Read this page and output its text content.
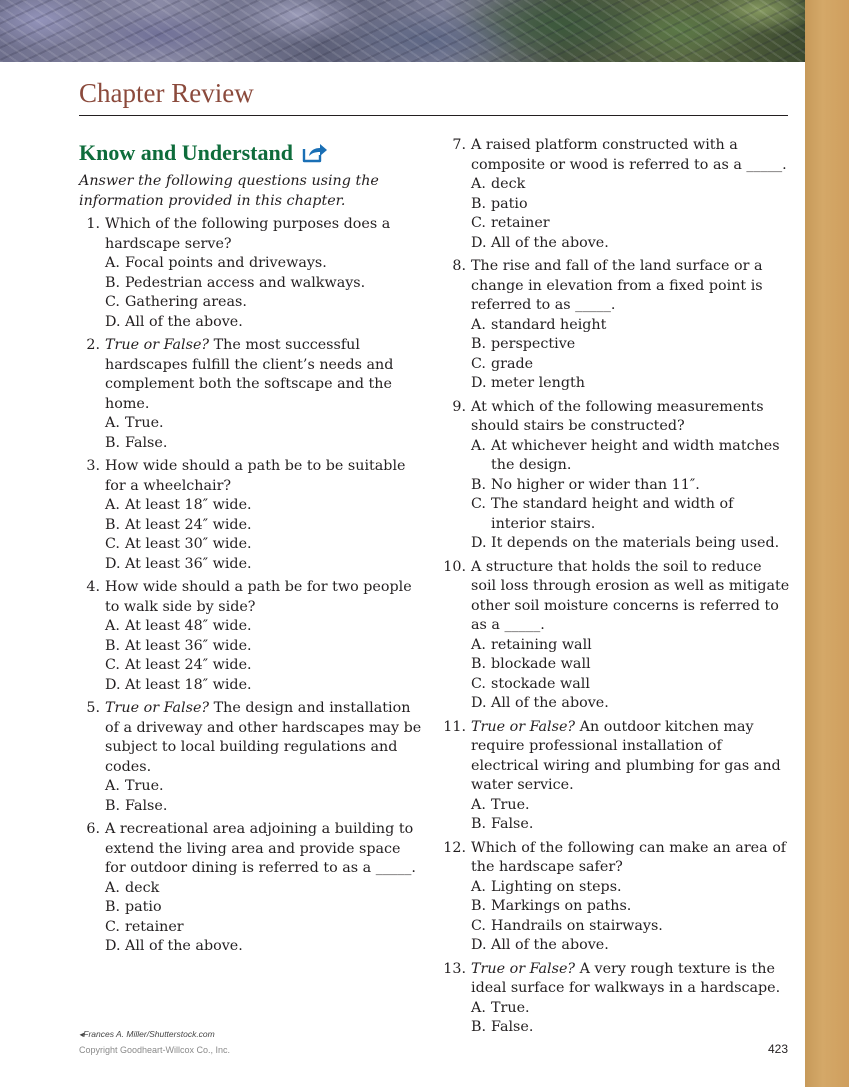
Chapter Review
Know and Understand

Answer the following questions using the information provided in this chapter.

1. Which of the following purposes does a hardscape serve?
A. Focal points and driveways.
B. Pedestrian access and walkways.
C. Gathering areas.
D. All of the above.
2. True or False? The most successful hardscapes fulfill the client’s needs and complement both the softscape and the home.
A. True.
B. False.
3. How wide should a path be to be suitable for a wheelchair?
A. At least 18″ wide.
B. At least 24″ wide.
C. At least 30″ wide.
D. At least 36″ wide.
4. How wide should a path be for two people to walk side by side?
A. At least 48″ wide.
B. At least 36″ wide.
C. At least 24″ wide.
D. At least 18″ wide.
5. True or False? The design and installation of a driveway and other hardscapes may be subject to local building regulations and codes.
A. True.
B. False.
6. A recreational area adjoining a building to extend the living area and provide space for outdoor dining is referred to as a _____.
A. deck
B. patio
C. retainer
D. All of the above.
7. A raised platform constructed with a composite or wood is referred to as a _____.
A. deck
B. patio
C. retainer
D. All of the above.
8. The rise and fall of the land surface or a change in elevation from a fixed point is referred to as _____.
A. standard height
B. perspective
C. grade
D. meter length
9. At which of the following measurements should stairs be constructed?
A. At whichever height and width matches the design.
B. No higher or wider than 11″.
C. The standard height and width of interior stairs.
D. It depends on the materials being used.
10. A structure that holds the soil to reduce soil loss through erosion as well as mitigate other soil moisture concerns is referred to as a _____.
A. retaining wall
B. blockade wall
C. stockade wall
D. All of the above.
11. True or False? An outdoor kitchen may require professional installation of electrical wiring and plumbing for gas and water service.
A. True.
B. False.
12. Which of the following can make an area of the hardscape safer?
A. Lighting on steps.
B. Markings on paths.
C. Handrails on stairways.
D. All of the above.
13. True or False? A very rough texture is the ideal surface for walkways in a hardscape.
A. True.
B. False.
◂Frances A. Miller/Shutterstock.com
Copyright Goodheart-Willcox Co., Inc.	423
